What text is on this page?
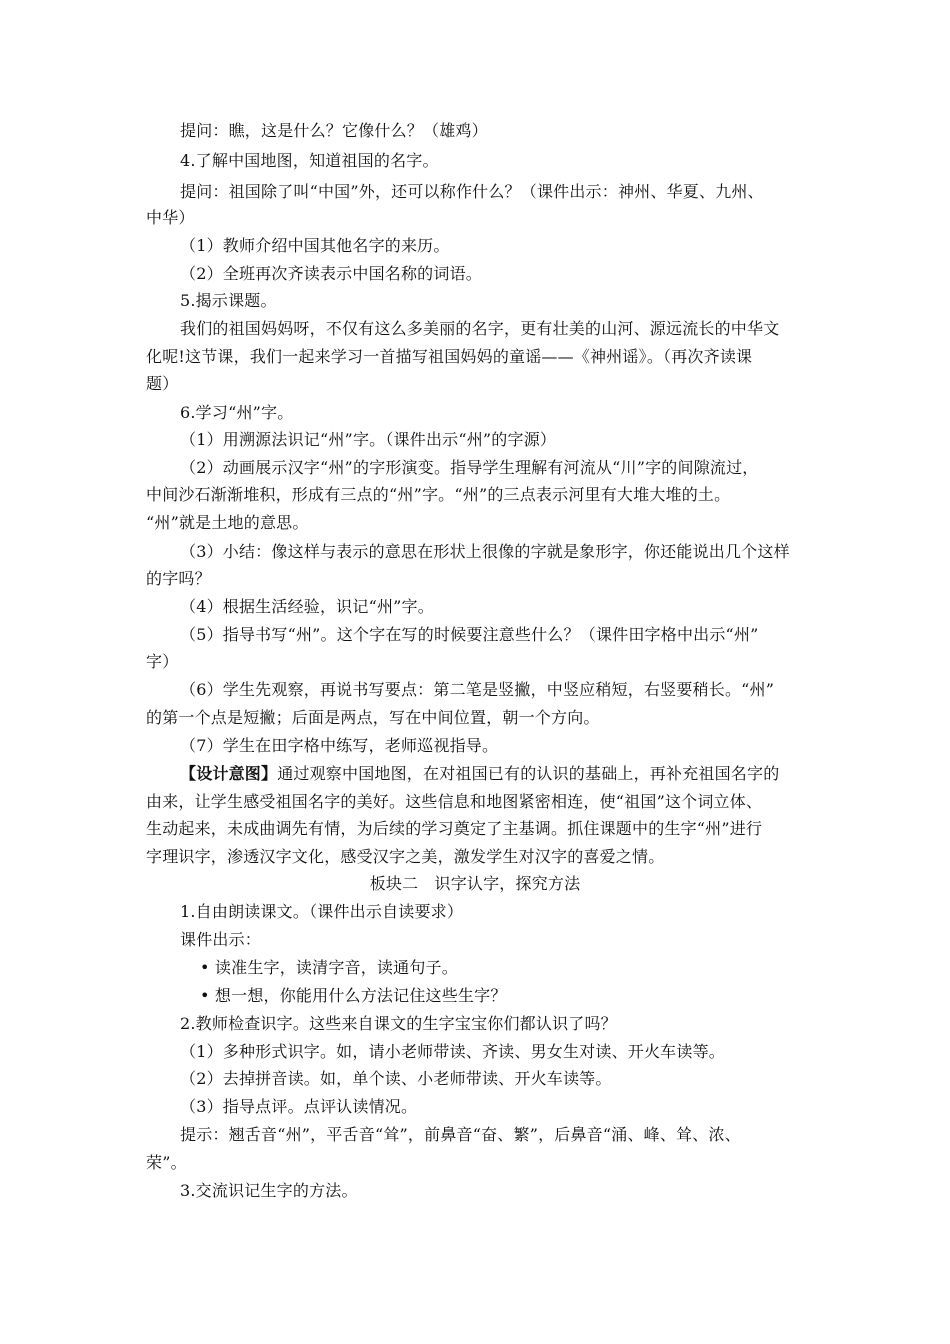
提问：瞧，这是什么？它像什么？（雄鸡）
4.了解中国地图，知道祖国的名字。
提问：祖国除了叫“中国”外，还可以称作什么？（课件出示：神州、华夏、九州、
中华）
（1）教师介绍中国其他名字的来历。
（2）全班再次齐读表示中国名称的词语。
5.揭示课题。
我们的祖国妈妈呀，不仅有这么多美丽的名字，更有壮美的山河、源远流长的中华文
化呢!这节课，我们一起来学习一首描写祖国妈妈的童谣——《神州谣》。（再次齐读课
题）
6.学习“州”字。
（1）用溯源法识记“州”字。（课件出示“州”的字源）
（2）动画展示汉字“州”的字形演变。指导学生理解有河流从“川”字的间隙流过，
中间沙石渐渐堆积，形成有三点的“州”字。“州”的三点表示河里有大堆大堆的土。
“州”就是土地的意思。
（3）小结：像这样与表示的意思在形状上很像的字就是象形字，你还能说出几个这样
的字吗？
（4）根据生活经验，识记“州”字。
（5）指导书写“州”。这个字在写的时候要注意些什么？（课件田字格中出示“州”
字）
（6）学生先观察，再说书写要点：第二笔是竖撇，中竖应稍短，右竖要稍长。“州”
的第一个点是短撇；后面是两点，写在中间位置，朝一个方向。
（7）学生在田字格中练写，老师巡视指导。
【设计意图】通过观察中国地图，在对祖国已有的认识的基础上，再补充祖国名字的
由来，让学生感受祖国名字的美好。这些信息和地图紧密相连，使“祖国”这个词立体、
生动起来，未成曲调先有情，为后续的学习奠定了主基调。抓住课题中的生字“州”进行
字理识字，渗透汉字文化，感受汉字之美，激发学生对汉字的喜爱之情。
板块二　识字认字，探究方法
1.自由朗读课文。（课件出示自读要求）
课件出示：
• 读准生字，读清字音，读通句子。
• 想一想，你能用什么方法记住这些生字？
2.教师检查识字。这些来自课文的生字宝宝你们都认识了吗？
（1）多种形式识字。如，请小老师带读、齐读、男女生对读、开火车读等。
（2）去掉拼音读。如，单个读、小老师带读、开火车读等。
（3）指导点评。点评认读情况。
提示：翘舌音“州”，平舌音“耸”，前鼻音“奋、繁”，后鼻音“涌、峰、耸、浓、
荣”。
3.交流识记生字的方法。
